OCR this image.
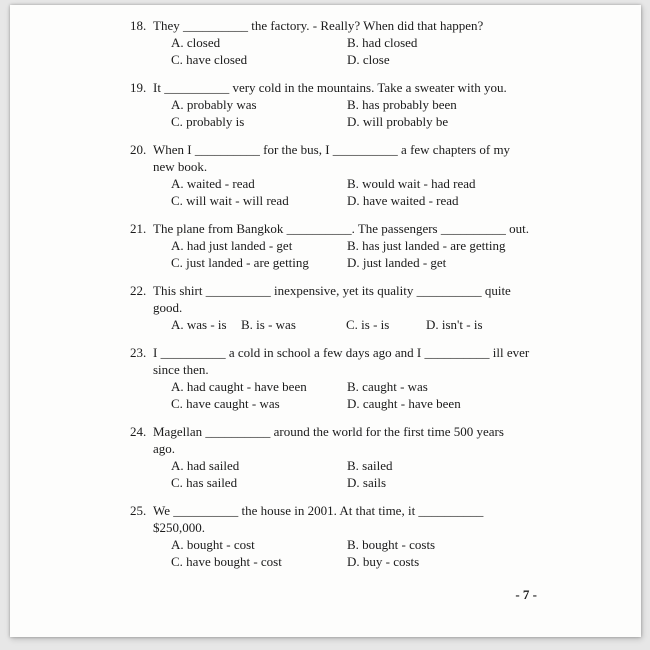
18. They __________ the factory. - Really? When did that happen?
A. closed	B. had closed
C. have closed	D. close
19. It __________ very cold in the mountains. Take a sweater with you.
A. probably was	B. has probably been
C. probably is	D. will probably be
20. When I __________ for the bus, I __________ a few chapters of my
new book.
A. waited - read	B. would wait - had read
C. will wait - will read	D. have waited - read
21. The plane from Bangkok __________. The passengers __________ out.
A. had just landed - get	B. has just landed - are getting
C. just landed - are getting	D. just landed - get
22. This shirt __________ inexpensive, yet its quality __________ quite
good.
A. was - is	B. is - was	C. is - is	D. isn't - is
23. I __________ a cold in school a few days ago and I __________ ill ever
since then.
A. had caught - have been	B. caught - was
C. have caught - was	D. caught - have been
24. Magellan __________ around the world for the first time 500 years
ago.
A. had sailed	B. sailed
C. has sailed	D. sails
25. We __________ the house in 2001. At that time, it __________
$250,000.
A. bought - cost	B. bought - costs
C. have bought - cost	D. buy - costs
- 7 -
